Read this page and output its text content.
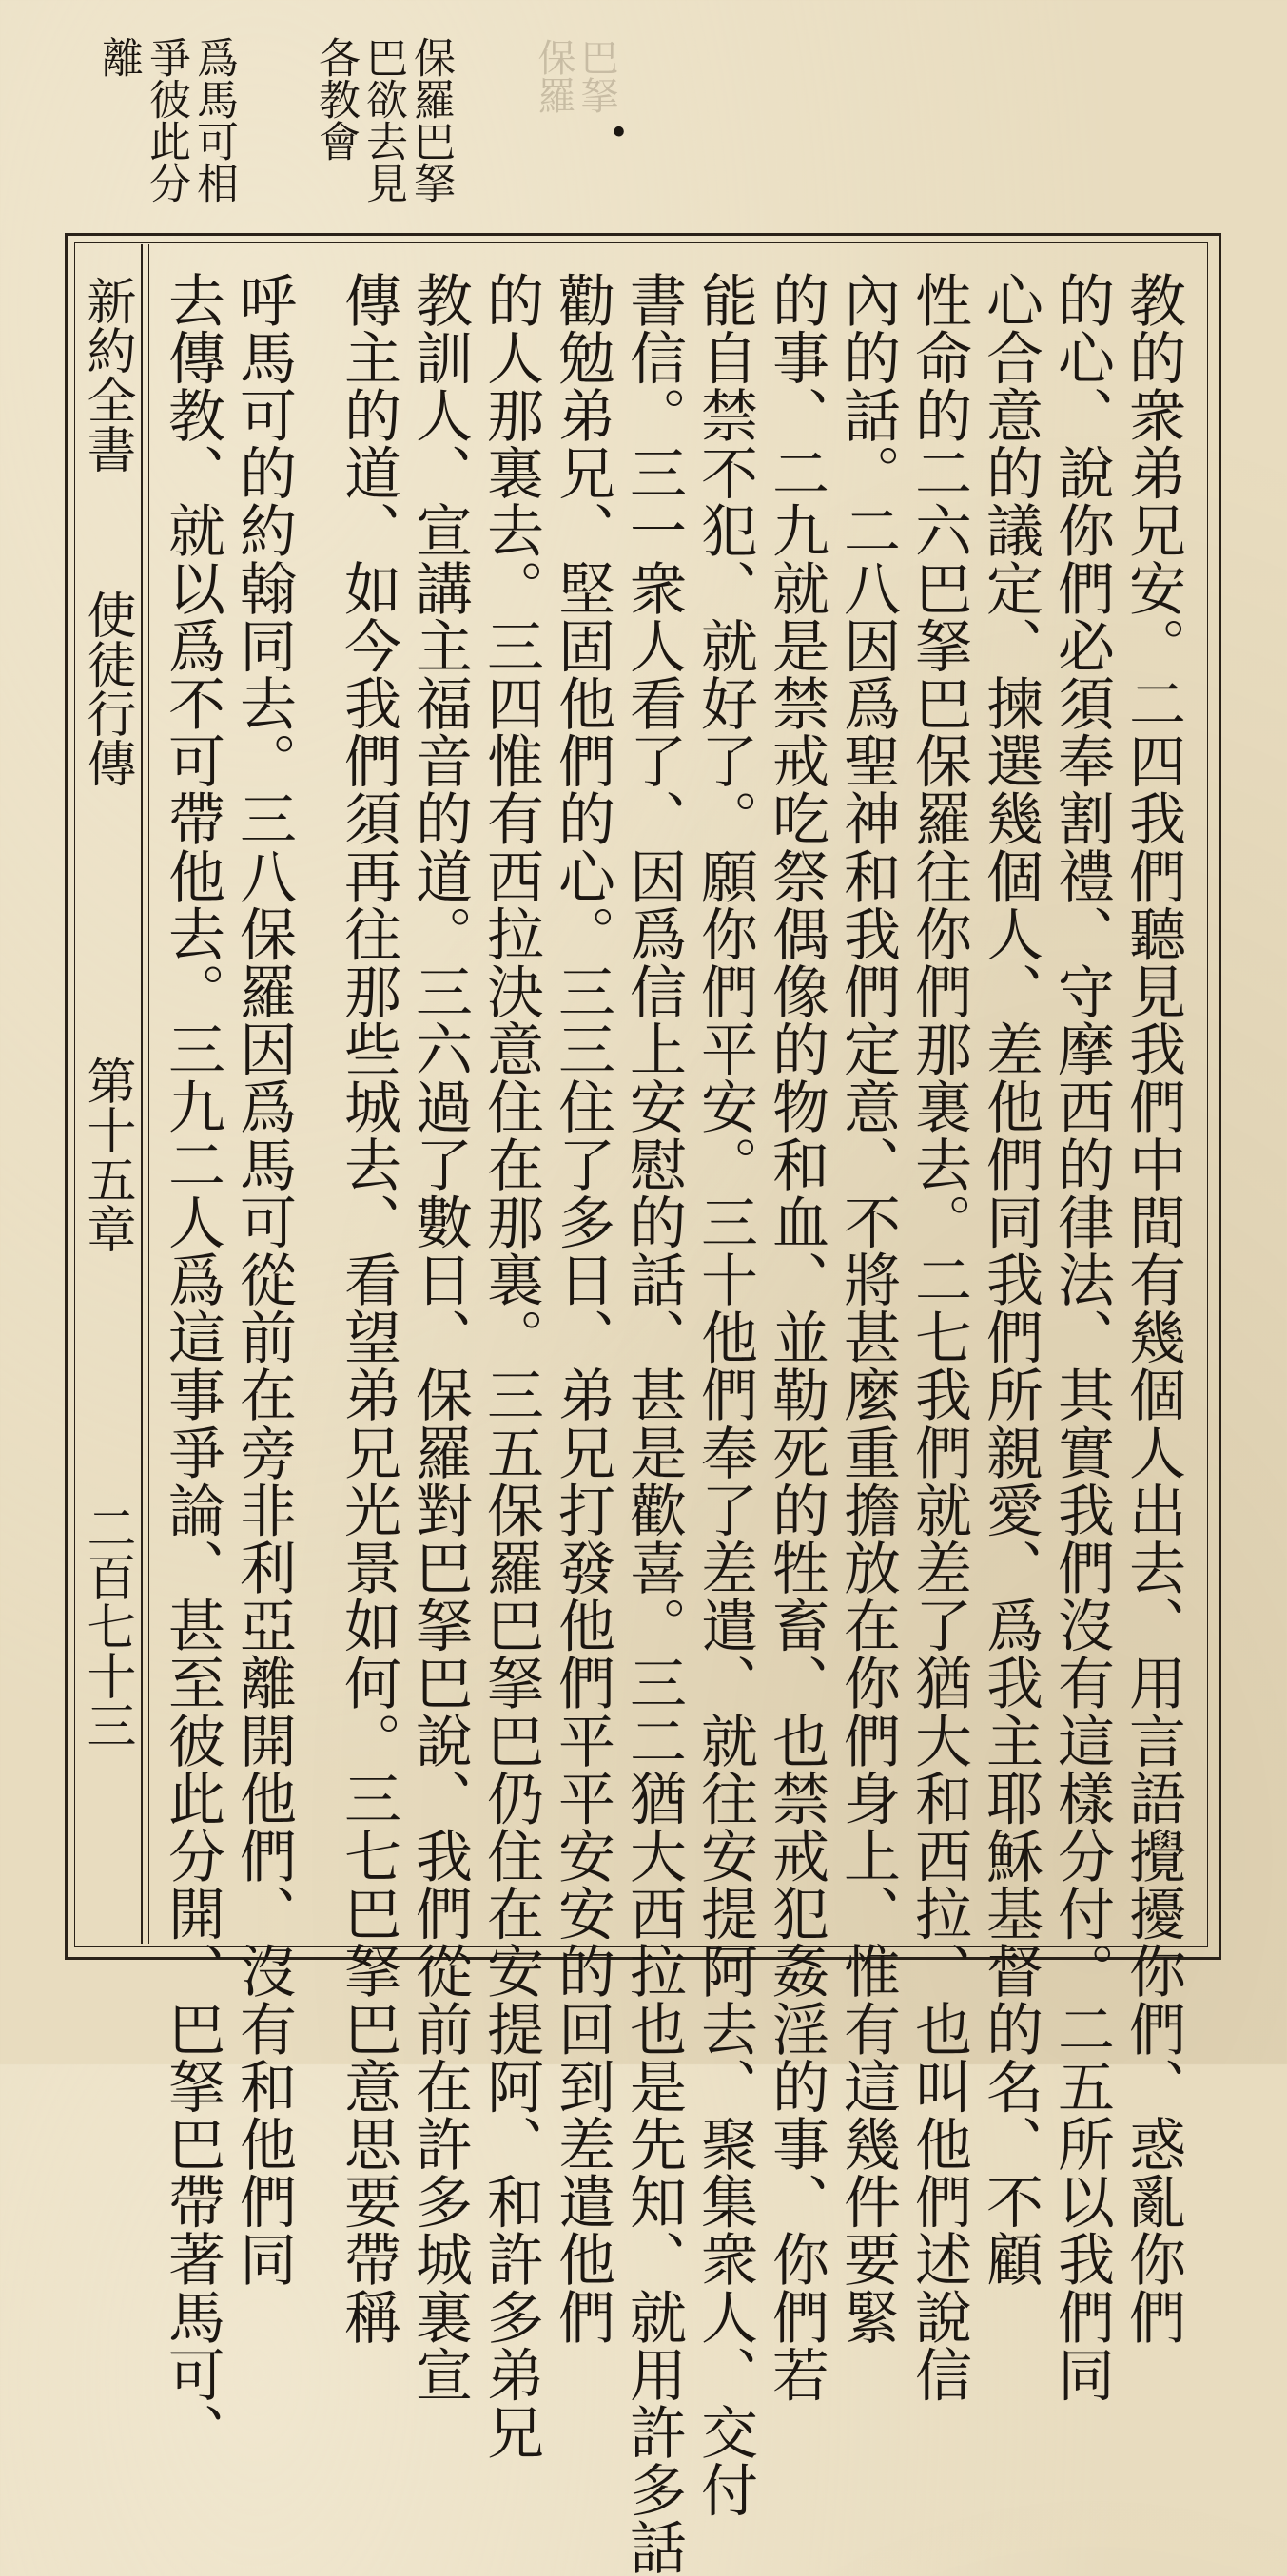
保羅 巴拏
•
保羅巴拏
巴欲去見
各教會
爲馬可相
爭彼此分
離
教的衆弟兄安。二四我們聽見我們中間有幾個人出去、用言語攪擾你們、惑亂你們
的心、說你們必須奉割禮、守摩西的律法、其實我們沒有這樣分付。二五所以我們同
心合意的議定、揀選幾個人、差他們同我們所親愛、爲我主耶穌基督的名、不顧
性命的二六巴拏巴保羅往你們那裏去。二七我們就差了猶大和西拉、也叫他們述說信
內的話。二八因爲聖神和我們定意、不將甚麼重擔放在你們身上、惟有這幾件要緊
的事、二九就是禁戒吃祭偶像的物和血、並勒死的牲畜、也禁戒犯姦淫的事、你們若
能自禁不犯、就好了。願你們平安。三十他們奉了差遣、就往安提阿去、聚集衆人、交付
書信。三一衆人看了、因爲信上安慰的話、甚是歡喜。三二猶大西拉也是先知、就用許多話
勸勉弟兄、堅固他們的心。三三住了多日、弟兄打發他們平平安安的回到差遣他們
的人那裏去。三四惟有西拉決意住在那裏。三五保羅巴拏巴仍住在安提阿、和許多弟兄
教訓人、宣講主福音的道。三六過了數日、保羅對巴拏巴說、我們從前在許多城裏宣
傳主的道、如今我們須再往那些城去、看望弟兄光景如何。三七巴拏巴意思要帶稱
呼馬可的約翰同去。三八保羅因爲馬可從前在旁非利亞離開他們、沒有和他們同
去傳教、就以爲不可帶他去。三九二人爲這事爭論、甚至彼此分開、巴拏巴帶著馬可、
新約全書
使徒行傳
第十五章
二百七十三
